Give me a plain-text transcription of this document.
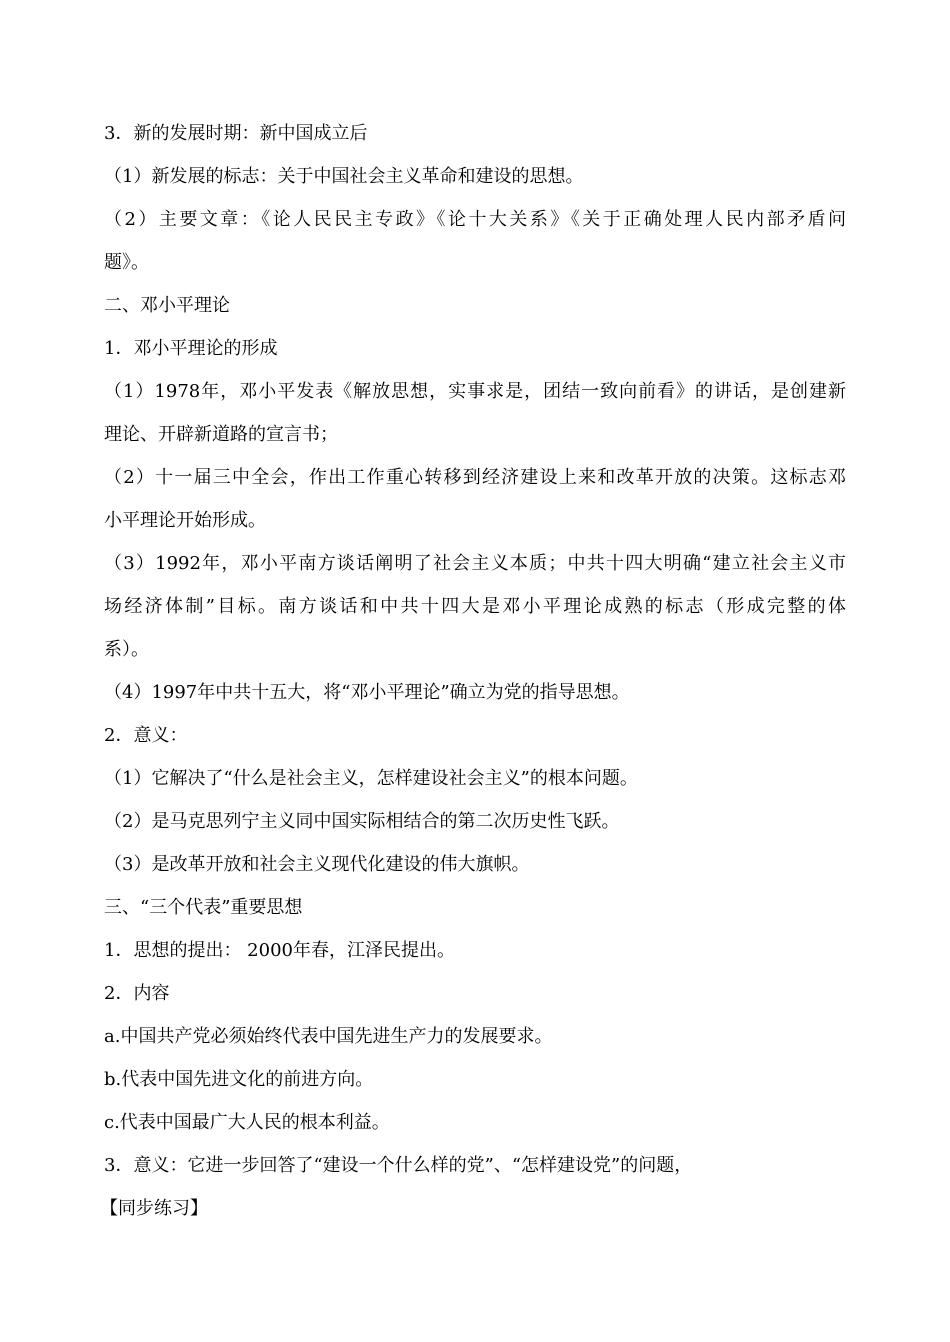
3．新的发展时期：新中国成立后
（1）新发展的标志：关于中国社会主义革命和建设的思想。
（2）主要文章：《论人民民主专政》《论十大关系》《关于正确处理人民内部矛盾问
题》。
二、邓小平理论
1．邓小平理论的形成
（1）1978年，邓小平发表《解放思想，实事求是，团结一致向前看》的讲话，是创建新
理论、开辟新道路的宣言书；
（2）十一届三中全会，作出工作重心转移到经济建设上来和改革开放的决策。这标志邓
小平理论开始形成。
（3）1992年，邓小平南方谈话阐明了社会主义本质；中共十四大明确“建立社会主义市
场经济体制”目标。南方谈话和中共十四大是邓小平理论成熟的标志（形成完整的体
系）。
（4）1997年中共十五大，将“邓小平理论”确立为党的指导思想。
2．意义：
（1）它解决了“什么是社会主义，怎样建设社会主义”的根本问题。
（2）是马克思列宁主义同中国实际相结合的第二次历史性飞跃。
（3）是改革开放和社会主义现代化建设的伟大旗帜。
三、“三个代表”重要思想
1．思想的提出： 2000年春，江泽民提出。
2．内容
a.中国共产党必须始终代表中国先进生产力的发展要求。
b.代表中国先进文化的前进方向。
c.代表中国最广大人民的根本利益。
3．意义：它进一步回答了“建设一个什么样的党”、“怎样建设党”的问题，
【同步练习】
